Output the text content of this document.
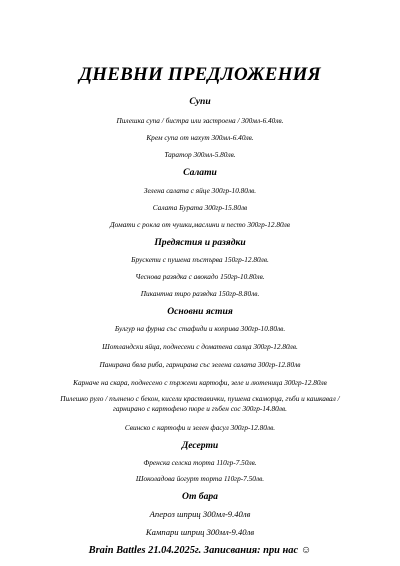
ДНЕВНИ ПРЕДЛОЖЕНИЯ
Супи
Пилешка супа / бистра или застроена / 300мл-6.40лв.
Крем супа от нахут 300мл-6.40лв.
Таратор 300мл-5.80лв.
Салати
Зелена салата с яйце 300гр-10.80лв.
Салата Бурата 300гр-15.80лв
Домати с рокла от чушки,маслини и песто 300гр-12.80лв
Предястия и разядки
Брускети с пушена пъстърва 150гр-12.80лв.
Чеснова разядка с авокадо 150гр-10.80лв.
Пикантна тиро разядка 150гр-8.80лв.
Основни ястия
Булгур на фурна със стафиди и коприва 300гр-10.80лв.
Шотландски яйца, поднесени с доматена салца 300гр-12.80лв.
Панирана бяла риба, гарнирана със зелена салата 300гр-12.80лв
Карначе на скара, поднесено с пържени картофи, зеле и лютеница 300гр-12.80лв
Пилешко руло / пълнено с бекон, кисели краставички, пушена скаморца, гъби и кашкавал / гарнирано с картофено пюре и гъбен сос 300гр-14.80лв.
Свинско с картофи и зелен фасул 300гр-12.80лв.
Десерти
Френска селска торта 110гр-7.50лв.
Шоколадова йогурт торта 110гр-7.50лв.
От бара
Апероз шприц 300мл-9.40лв
Кампари шприц 300мл-9.40лв
Brain Battles 21.04.2025г. Записвания: при нас ☺
